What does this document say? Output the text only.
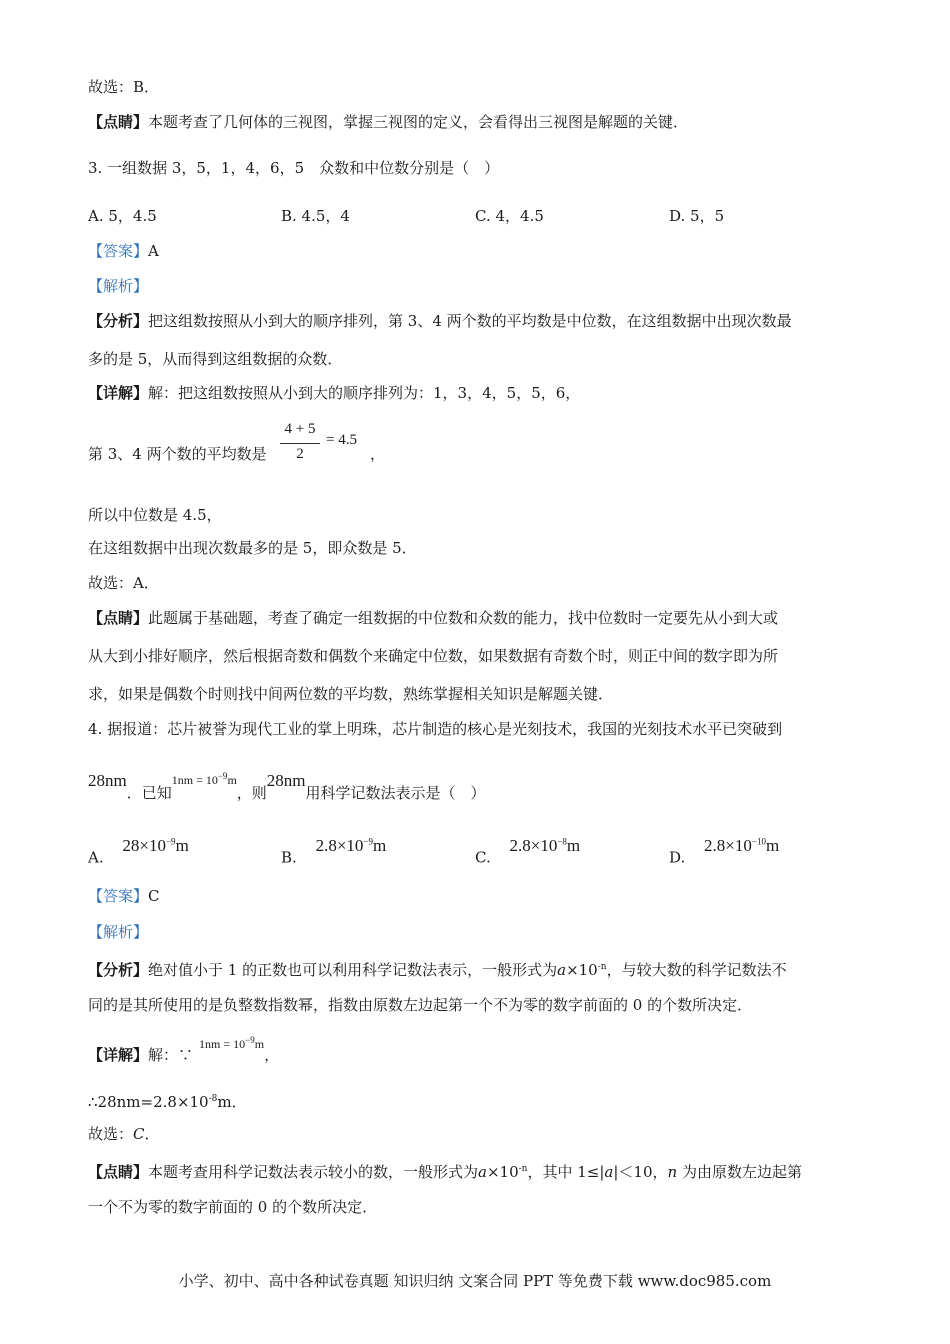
故选：B．
【点睛】本题考查了几何体的三视图，掌握三视图的定义，会看得出三视图是解题的关键．
3. 一组数据 3，5，1，4，6，5　众数和中位数分别是（　）
A. 5，4.5	B. 4.5，4	C. 4，4.5	D. 5，5
【答案】A
【解析】
【分析】把这组数按照从小到大的顺序排列，第 3、4 两个数的平均数是中位数，在这组数据中出现次数最
多的是 5，从而得到这组数据的众数．
【详解】解：把这组数按照从小到大的顺序排列为：1，3，4，5，5，6，
第 3、4 两个数的平均数是
4 + 5
2
= 4.5
，
所以中位数是 4.5，
在这组数据中出现次数最多的是 5，即众数是 5．
故选：A．
【点睛】此题属于基础题，考查了确定一组数据的中位数和众数的能力，找中位数时一定要先从小到大或
从大到小排好顺序，然后根据奇数和偶数个来确定中位数，如果数据有奇数个时，则正中间的数字即为所
求，如果是偶数个时则找中间两位数的平均数，熟练掌握相关知识是解题关键．
4. 据报道：芯片被誉为现代工业的掌上明珠，芯片制造的核心是光刻技术，我国的光刻技术水平已突破到
28nm．已知$^{1nm = 10^{-9}m}$，则28nm用科学记数法表示是（　）
A. $28\times 10^{-9}m$
B. $2.8\times 10^{-9}m$
C. $2.8\times 10^{-8}m$
D. $2.8\times 10^{-10}m$
【答案】C
【解析】
【分析】绝对值小于 1 的正数也可以利用科学记数法表示，一般形式为$a\times 10^{-n}$，与较大数的科学记数法不
同的是其所使用的是负整数指数幂，指数由原数左边起第一个不为零的数字前面的 0 的个数所决定．
【详解】解：∵$^{1nm = 10^{-9}m}$，
$\therefore 28nm=2.8\times 10^{-8}m$．
故选：C．
【点睛】本题考查用科学记数法表示较小的数，一般形式为$a\times 10^{-n}$，其中 1≤|a|＜10，n 为由原数左边起第
一个不为零的数字前面的 0 的个数所决定．
小学、初中、高中各种试卷真题 知识归纳 文案合同 PPT 等免费下载 www.doc985.com
